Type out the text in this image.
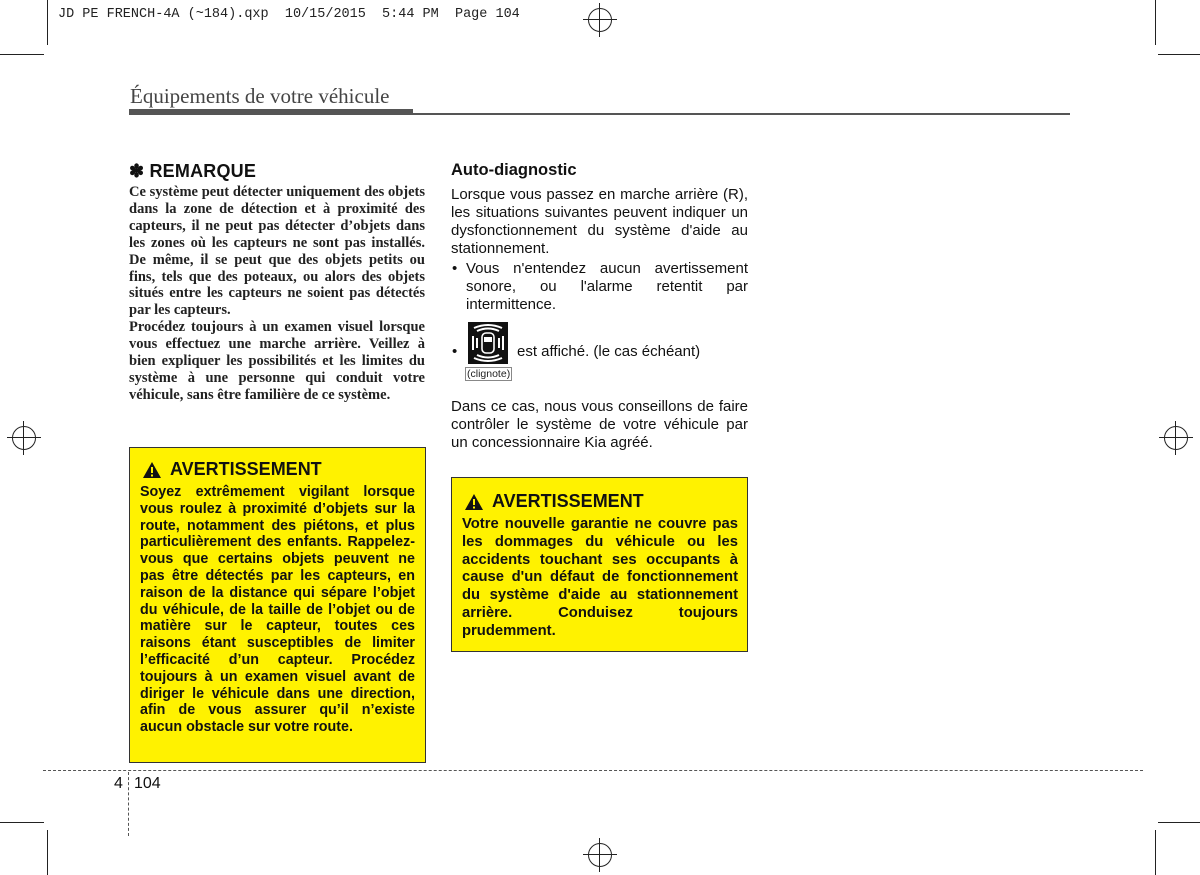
JD PE FRENCH-4A (~184).qxp  10/15/2015  5:44 PM  Page 104
Équipements de votre véhicule
✽ REMARQUE

Ce système peut détecter uniquement des objets dans la zone de détection et à proximité des capteurs, il ne peut pas détecter d’objets dans les zones où les capteurs ne sont pas installés. De même, il se peut que des objets petits ou fins, tels que des poteaux, ou alors des objets situés entre les capteurs ne soient pas détectés par les capteurs.

Procédez toujours à un examen visuel lorsque vous effectuez une marche arrière. Veillez à bien expliquer les possibilités et les limites du système à une personne qui conduit votre véhicule, sans être familière de ce système.

AVERTISSEMENT
Soyez extrêmement vigilant lorsque vous roulez à proximité d’objets sur la route, notamment des piétons, et plus particulièrement des enfants. Rappelez-vous que certains objets peuvent ne pas être détectés par les capteurs, en raison de la distance qui sépare l’objet du véhicule, de la taille de l’objet ou de matière sur le capteur, toutes ces raisons étant susceptibles de limiter l’efficacité d’un capteur. Procédez toujours à un examen visuel avant de diriger le véhicule dans une direction, afin de vous assurer qu’il n’existe aucun obstacle sur votre route.
Auto-diagnostic
Lorsque vous passez en marche arrière (R), les situations suivantes peuvent indiquer un dysfonctionnement du système d'aide au stationnement.
• Vous n'entendez aucun avertissement sonore, ou l'alarme retentit par intermittence.
•
(clignote)
est affiché. (le cas échéant)
Dans ce cas, nous vous conseillons de faire contrôler le système de votre véhicule par un concessionnaire Kia agréé.
AVERTISSEMENT
Votre nouvelle garantie ne couvre pas les dommages du véhicule ou les accidents touchant ses occupants à cause d'un défaut de fonctionnement du système d'aide au stationnement arrière. Conduisez toujours prudemment.
4 104
